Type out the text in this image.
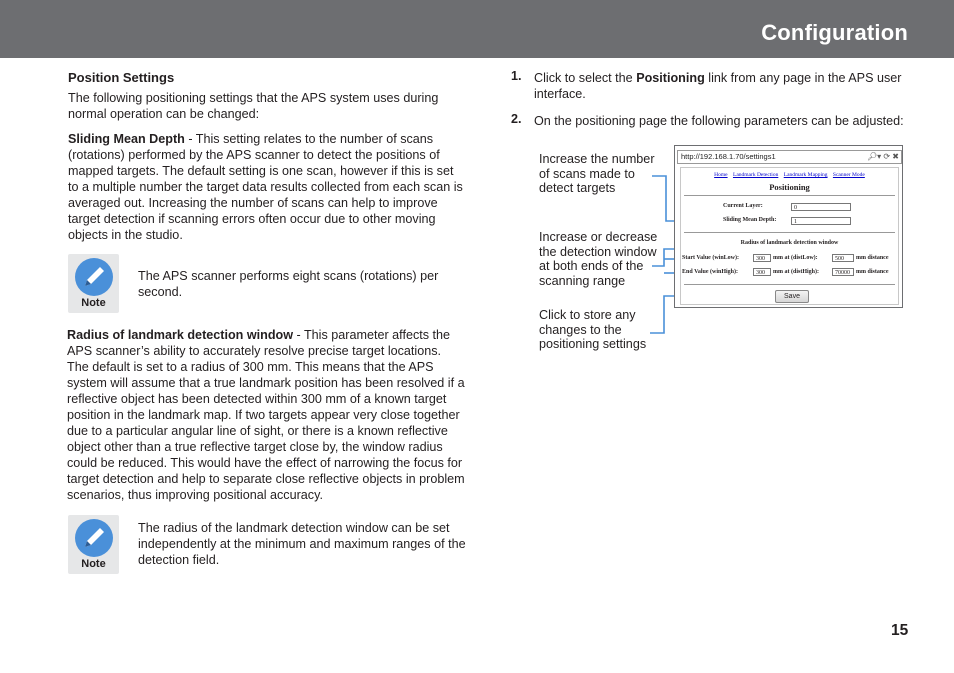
Configuration
Position Settings

The following positioning settings that the APS system uses during normal operation can be changed:

Sliding Mean Depth - This setting relates to the number of scans (rotations) performed by the APS scanner to detect the positions of mapped targets. The default setting is one scan, however if this is set to a multiple number the target data results collected from each scan is averaged out. Increasing the number of scans can help to improve target detection if scanning errors often occur due to other moving objects in the studio.

Note

The APS scanner performs eight scans (rotations) per second.

Radius of landmark detection window - This parameter affects the APS scanner’s ability to accurately resolve precise target locations. The default is set to a radius of 300 mm. This means that the APS system will assume that a true landmark position has been resolved if a reflective object has been detected within 300 mm of a known target position in the landmark map. If two targets appear very close together due to a particular angular line of sight, or there is a known reflective object other than a true reflective target close by, the window radius could be reduced. This would have the effect of narrowing the focus for target detection and help to separate close reflective objects in problem scenarios, thus improving positional accuracy.

Note

The radius of the landmark detection window can be set independently at the minimum and maximum ranges of the detection field.

1. Click to select the Positioning link from any page in the APS user interface.

2. On the positioning page the following parameters can be adjusted:

Increase the number of scans made to detect targets
Increase or decrease the detection window at both ends of the scanning range
Click to store any changes to the positioning settings
http://192.168.1.70/settings1	🔎︎▾ ⟳ ✖
Home Landmark Detection Landmark Mapping Scanner Mode
Positioning
Current Layer:	0
Sliding Mean Depth:	1
Radius of landmark detection window
Start Value (winLow):	300	mm at (distLow):	500	mm distance
End Value (winHigh):	300	mm at (distHigh):	70000	mm distance
Save
15
